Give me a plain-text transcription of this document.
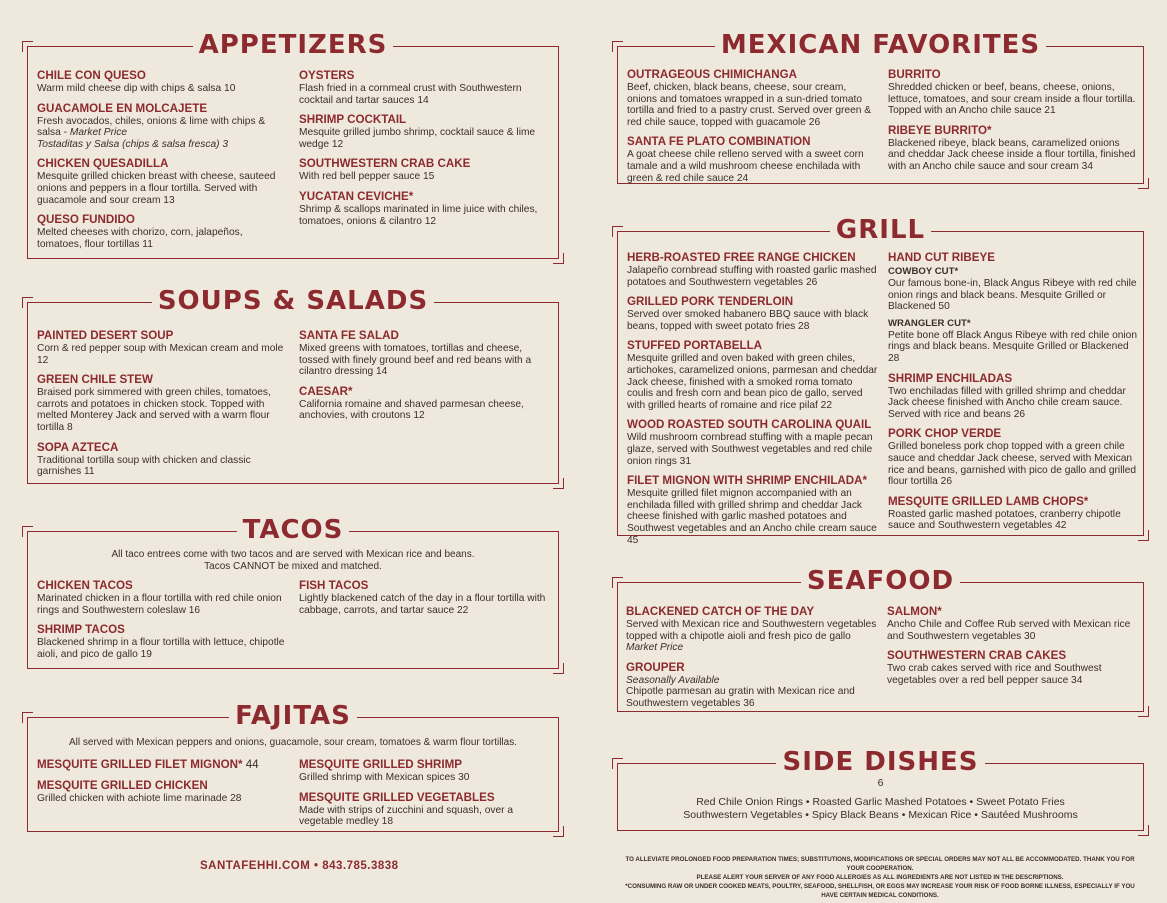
APPETIZERS
CHILE CON QUESO
Warm mild cheese dip with chips & salsa 10
GUACAMOLE EN MOLCAJETE
Fresh avocados, chiles, onions & lime with chips & salsa - Market Price
Tostaditas y Salsa (chips & salsa fresca) 3
CHICKEN QUESADILLA
Mesquite grilled chicken breast with cheese, sauteed onions and peppers in a flour tortilla. Served with guacamole and sour cream 13
QUESO FUNDIDO
Melted cheeses with chorizo, corn, jalapeños, tomatoes, flour tortillas 11
OYSTERS
Flash fried in a cornmeal crust with Southwestern cocktail and tartar sauces 14
SHRIMP COCKTAIL
Mesquite grilled jumbo shrimp, cocktail sauce & lime wedge 12
SOUTHWESTERN CRAB CAKE
With red bell pepper sauce 15
YUCATAN CEVICHE*
Shrimp & scallops marinated in lime juice with chiles, tomatoes, onions & cilantro 12
SOUPS & SALADS
PAINTED DESERT SOUP
Corn & red pepper soup with Mexican cream and mole 12
GREEN CHILE STEW
Braised pork simmered with green chiles, tomatoes, carrots and potatoes in chicken stock. Topped with melted Monterey Jack and served with a warm flour tortilla 8
SOPA AZTECA
Traditional tortilla soup with chicken and classic garnishes 11
SANTA FE SALAD
Mixed greens with tomatoes, tortillas and cheese, tossed with finely ground beef and red beans with a cilantro dressing 14
CAESAR*
California romaine and shaved parmesan cheese, anchovies, with croutons 12
TACOS
All taco entrees come with two tacos and are served with Mexican rice and beans.
Tacos CANNOT be mixed and matched.
CHICKEN TACOS
Marinated chicken in a flour tortilla with red chile onion rings and Southwestern coleslaw 16
SHRIMP TACOS
Blackened shrimp in a flour tortilla with lettuce, chipotle aioli, and pico de gallo 19
FISH TACOS
Lightly blackened catch of the day in a flour tortilla with cabbage, carrots, and tartar sauce 22
FAJITAS
All served with Mexican peppers and onions, guacamole, sour cream, tomatoes & warm flour tortillas.
MESQUITE GRILLED FILET MIGNON* 44
MESQUITE GRILLED CHICKEN
Grilled chicken with achiote lime marinade 28
MESQUITE GRILLED SHRIMP
Grilled shrimp with Mexican spices 30
MESQUITE GRILLED VEGETABLES
Made with strips of zucchini and squash, over a vegetable medley 18
MEXICAN FAVORITES
OUTRAGEOUS CHIMICHANGA
Beef, chicken, black beans, cheese, sour cream, onions and tomatoes wrapped in a sun-dried tomato tortilla and fried to a pastry crust. Served over green & red chile sauce, topped with guacamole 26
SANTA FE PLATO COMBINATION
A goat cheese chile relleno served with a sweet corn tamale and a wild mushroom cheese enchilada with green & red chile sauce 24
BURRITO
Shredded chicken or beef, beans, cheese, onions, lettuce, tomatoes, and sour cream inside a flour tortilla. Topped with an Ancho chile sauce 21
RIBEYE BURRITO*
Blackened ribeye, black beans, caramelized onions and cheddar Jack cheese inside a flour tortilla, finished with an Ancho chile sauce and sour cream 34
GRILL
HERB-ROASTED FREE RANGE CHICKEN
Jalapeño cornbread stuffing with roasted garlic mashed potatoes and Southwestern vegetables 26
GRILLED PORK TENDERLOIN
Served over smoked habanero BBQ sauce with black beans, topped with sweet potato fries 28
STUFFED PORTABELLA
Mesquite grilled and oven baked with green chiles, artichokes, caramelized onions, parmesan and cheddar Jack cheese, finished with a smoked roma tomato coulis and fresh corn and bean pico de gallo, served with grilled hearts of romaine and rice pilaf 22
WOOD ROASTED SOUTH CAROLINA QUAIL
Wild mushroom cornbread stuffing with a maple pecan glaze, served with Southwest vegetables and red chile onion rings 31
FILET MIGNON WITH SHRIMP ENCHILADA*
Mesquite grilled filet mignon accompanied with an enchilada filled with grilled shrimp and cheddar Jack cheese finished with garlic mashed potatoes and Southwest vegetables and an Ancho chile cream sauce 45
HAND CUT RIBEYE
COWBOY CUT*
Our famous bone-in, Black Angus Ribeye with red chile onion rings and black beans. Mesquite Grilled or Blackened 50
WRANGLER CUT*
Petite bone off Black Angus Ribeye with red chile onion rings and black beans. Mesquite Grilled or Blackened 28
SHRIMP ENCHILADAS
Two enchiladas filled with grilled shrimp and cheddar Jack cheese finished with Ancho chile cream sauce. Served with rice and beans 26
PORK CHOP VERDE
Grilled boneless pork chop topped with a green chile sauce and cheddar Jack cheese, served with Mexican rice and beans, garnished with pico de gallo and grilled flour tortilla 26
MESQUITE GRILLED LAMB CHOPS*
Roasted garlic mashed potatoes, cranberry chipotle sauce and Southwestern vegetables 42
SEAFOOD
BLACKENED CATCH OF THE DAY
Served with Mexican rice and Southwestern vegetables topped with a chipotle aioli and fresh pico de gallo
Market Price
GROUPER
Seasonally Available
Chipotle parmesan au gratin with Mexican rice and Southwestern vegetables 36
SALMON*
Ancho Chile and Coffee Rub served with Mexican rice and Southwestern vegetables 30
SOUTHWESTERN CRAB CAKES
Two crab cakes served with rice and Southwest vegetables over a red bell pepper sauce 34
SIDE DISHES
6
Red Chile Onion Rings • Roasted Garlic Mashed Potatoes • Sweet Potato Fries
Southwestern Vegetables • Spicy Black Beans • Mexican Rice • Sautéed Mushrooms
SANTAFEHHI.COM • 843.785.3838
TO ALLEVIATE PROLONGED FOOD PREPARATION TIMES; SUBSTITUTIONS, MODIFICATIONS OR SPECIAL ORDERS MAY NOT ALL BE ACCOMMODATED. THANK YOU FOR YOUR COOPERATION.
PLEASE ALERT YOUR SERVER OF ANY FOOD ALLERGIES AS ALL INGREDIENTS ARE NOT LISTED IN THE DESCRIPTIONS.
*CONSUMING RAW OR UNDER COOKED MEATS, POULTRY, SEAFOOD, SHELLFISH, OR EGGS MAY INCREASE YOUR RISK OF FOOD BORNE ILLNESS, ESPECIALLY IF YOU HAVE CERTAIN MEDICAL CONDITIONS.
